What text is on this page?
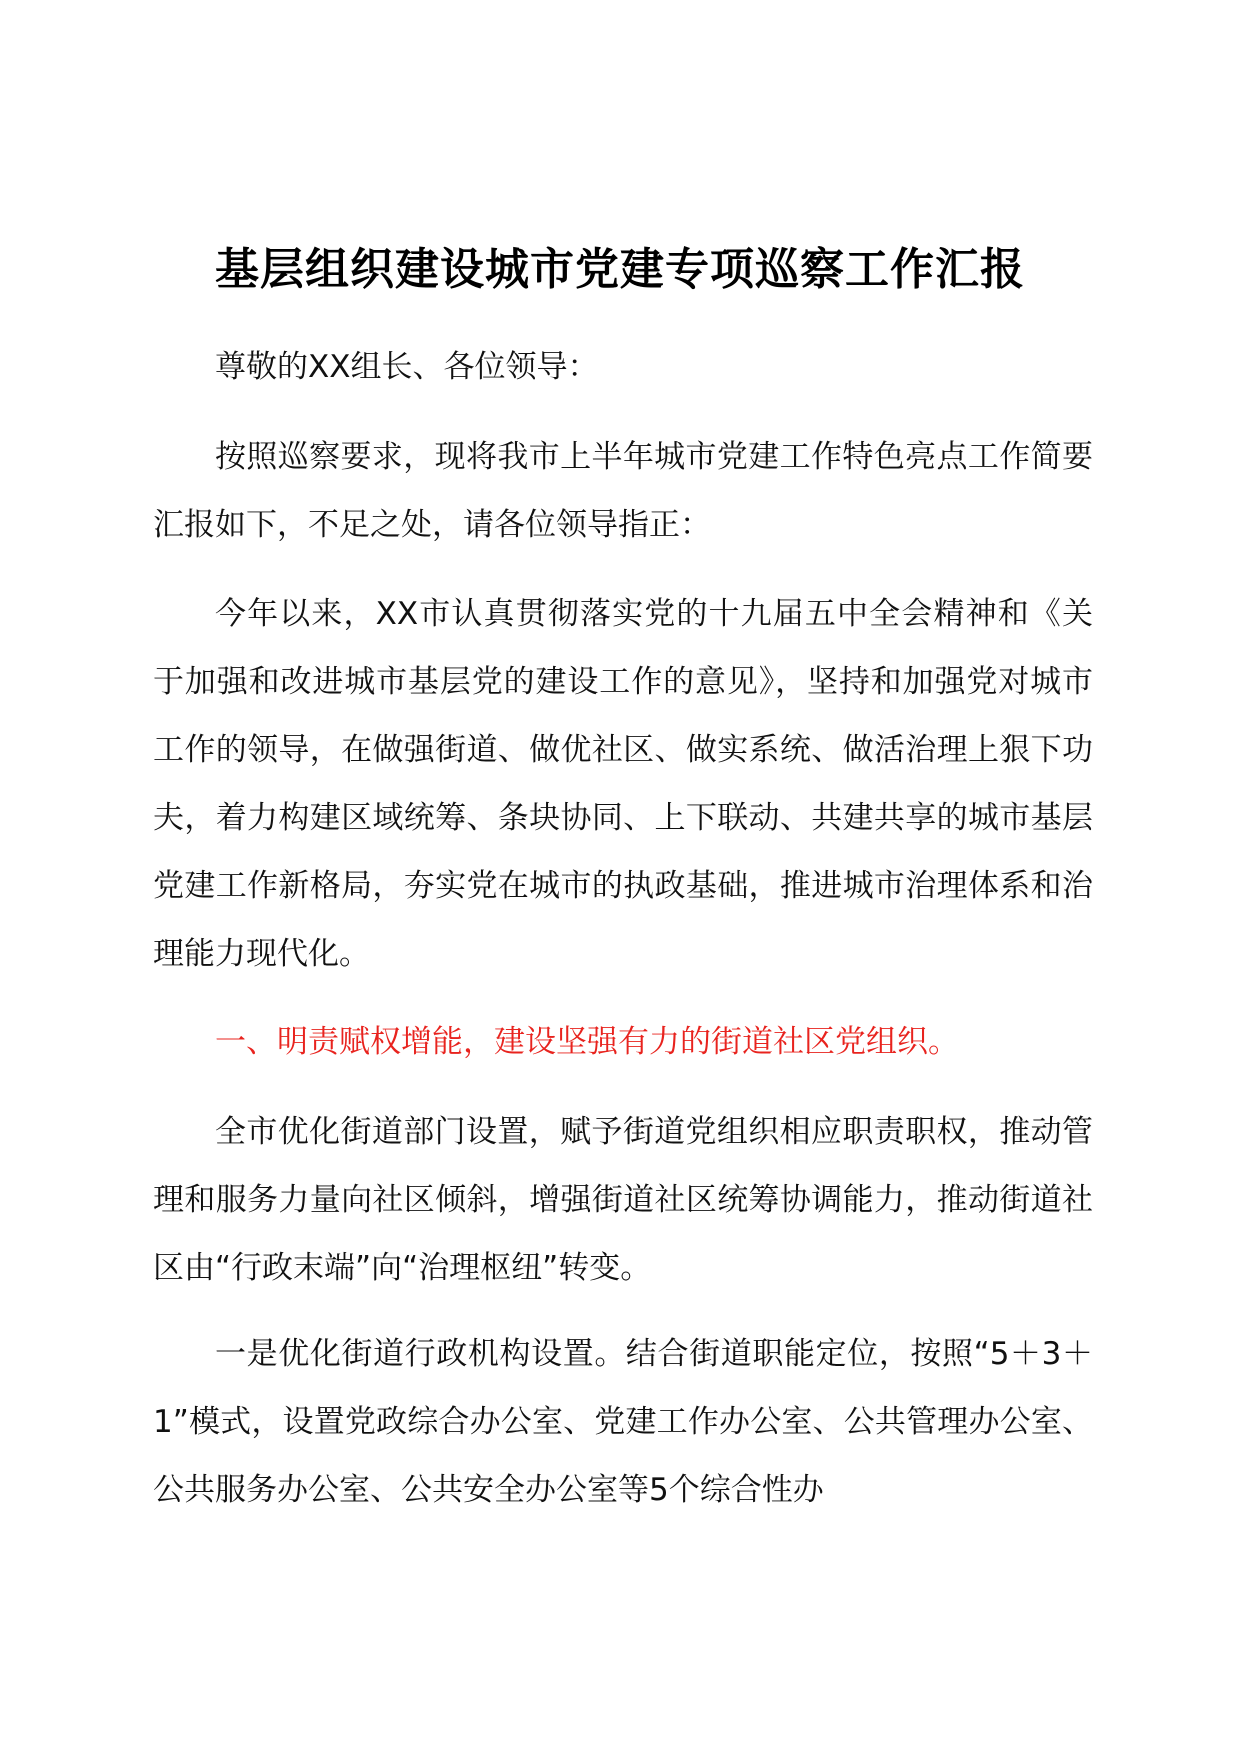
基层组织建设城市党建专项巡察工作汇报

尊敬的XX组长、各位领导：

按照巡察要求，现将我市上半年城市党建工作特色亮点工作简要汇报如下，不足之处，请各位领导指正：

今年以来，XX市认真贯彻落实党的十九届五中全会精神和《关于加强和改进城市基层党的建设工作的意见》，坚持和加强党对城市工作的领导，在做强街道、做优社区、做实系统、做活治理上狠下功夫，着力构建区域统筹、条块协同、上下联动、共建共享的城市基层党建工作新格局，夯实党在城市的执政基础，推进城市治理体系和治理能力现代化。

一、明责赋权增能，建设坚强有力的街道社区党组织。

全市优化街道部门设置，赋予街道党组织相应职责职权，推动管理和服务力量向社区倾斜，增强街道社区统筹协调能力，推动街道社区由“行政末端”向“治理枢纽”转变。

一是优化街道行政机构设置。结合街道职能定位，按照“5＋3＋1”模式，设置党政综合办公室、党建工作办公室、公共管理办公室、公共服务办公室、公共安全办公室等5个综合性办
